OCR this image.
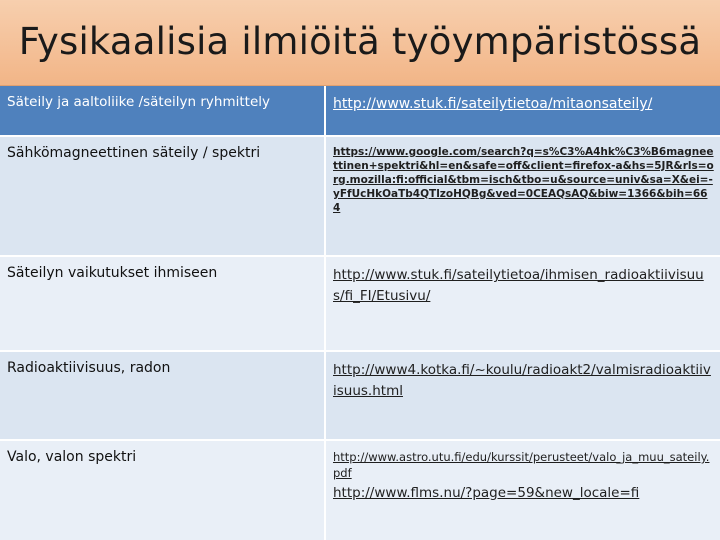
Fysikaalisia ilmiöitä työympäristössä
Säteily ja aaltoliike /säteilyn ryhmittely	http://www.stuk.fi/sateilytietoa/mitaonsateily/

Sähkömagneettinen säteily / spektri	https://www.google.com/search?q=s%C3%A4hk%C3%B6magneettinen+spektri&hl=en&safe=off&client=firefox-a&hs=5JR&rls=org.mozilla:fi:official&tbm=isch&tbo=u&source=univ&sa=X&ei=-yFfUcHkOaTb4QTlzoHQBg&ved=0CEAQsAQ&biw=1366&bih=664

Säteilyn vaikutukset ihmiseen	http://www.stuk.fi/sateilytietoa/ihmisen_radioaktiivisuus/fi_FI/Etusivu/

Radioaktiivisuus, radon	http://www4.kotka.fi/~koulu/radioakt2/valmisradioaktiivisuus.html

Valo, valon spektri	http://www.astro.utu.fi/edu/kurssit/perusteet/valo_ja_muu_sateily.pdf
http://www.flms.nu/?page=59&new_locale=fi
